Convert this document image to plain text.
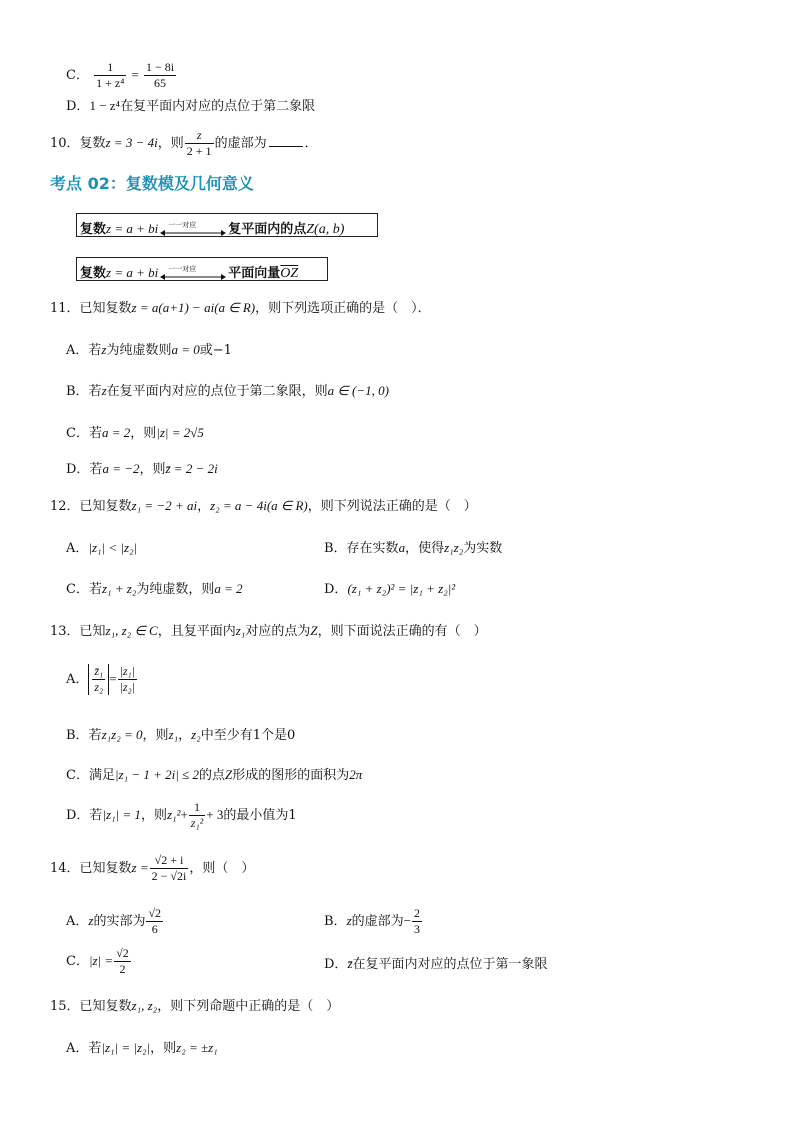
C． $\frac{1}{\text{1 + z⁴}} = \frac{1 - 8i}{65}$
D．1 − z⁴在复平面内对应的点位于第二象限
10．复数z = 3 − 4i，则 $\frac{z}{2 + 1}$ 的虚部为	．
考点 02：复数模及几何意义
复数z = a + bi 一一对应 复平面内的点Z(a, b)
复数z = a + bi 一一对应 平面向量$\overline{OZ}$
11．已知复数z = a(a+1) − ai(a ∈ R)，则下列选项正确的是（　）．
A．若z为纯虚数则a = 0或−1
B．若z在复平面内对应的点位于第二象限，则a ∈ (−1, 0)
C．若a = 2，则|z| = 2√5
D．若a = −2，则z̄ = 2 − 2i
12．已知复数z₁ = −2 + ai，z₂ = a − 4i(a ∈ R)，则下列说法正确的是（　）
A．|z₁| < |z₂|	B．存在实数a，使得z₁z₂为实数
C．若z₁ + z₂为纯虚数，则a = 2	D．(z₁ + z₂)² = |z₁ + z₂|²
13．已知z₁, z₂ ∈ C，且复平面内z₁对应的点为Z，则下面说法正确的有（　）
A． $\frac{\text{z̄₁}}{\text{z₂}} = \frac{\text{|z₁|}}{\text{|z₂|}}$
B．若z₁z₂ = 0，则z₁，z₂中至少有1个是0
C．满足|z₁ − 1 + 2i| ≤ 2的点Z形成的图形的面积为2π
D．若|z₁| = 1，则$z_1^2+ \frac{1}{\text{z₁²}} + 3$的最小值为1
14．已知复数$z = \frac{√2 + i}{2 - √2i}$ ，则（　）
A．z的实部为 $\frac{√2}{6}$	B．z的虚部为− $\frac{2}{3}$
C．$|z| = \frac{√2}{2}$	D．z̄在复平面内对应的点位于第一象限
15．已知复数z₁, z₂，则下列命题中正确的是（　）
A．若|z₁| = |z₂|，则z₂ = ±z₁
